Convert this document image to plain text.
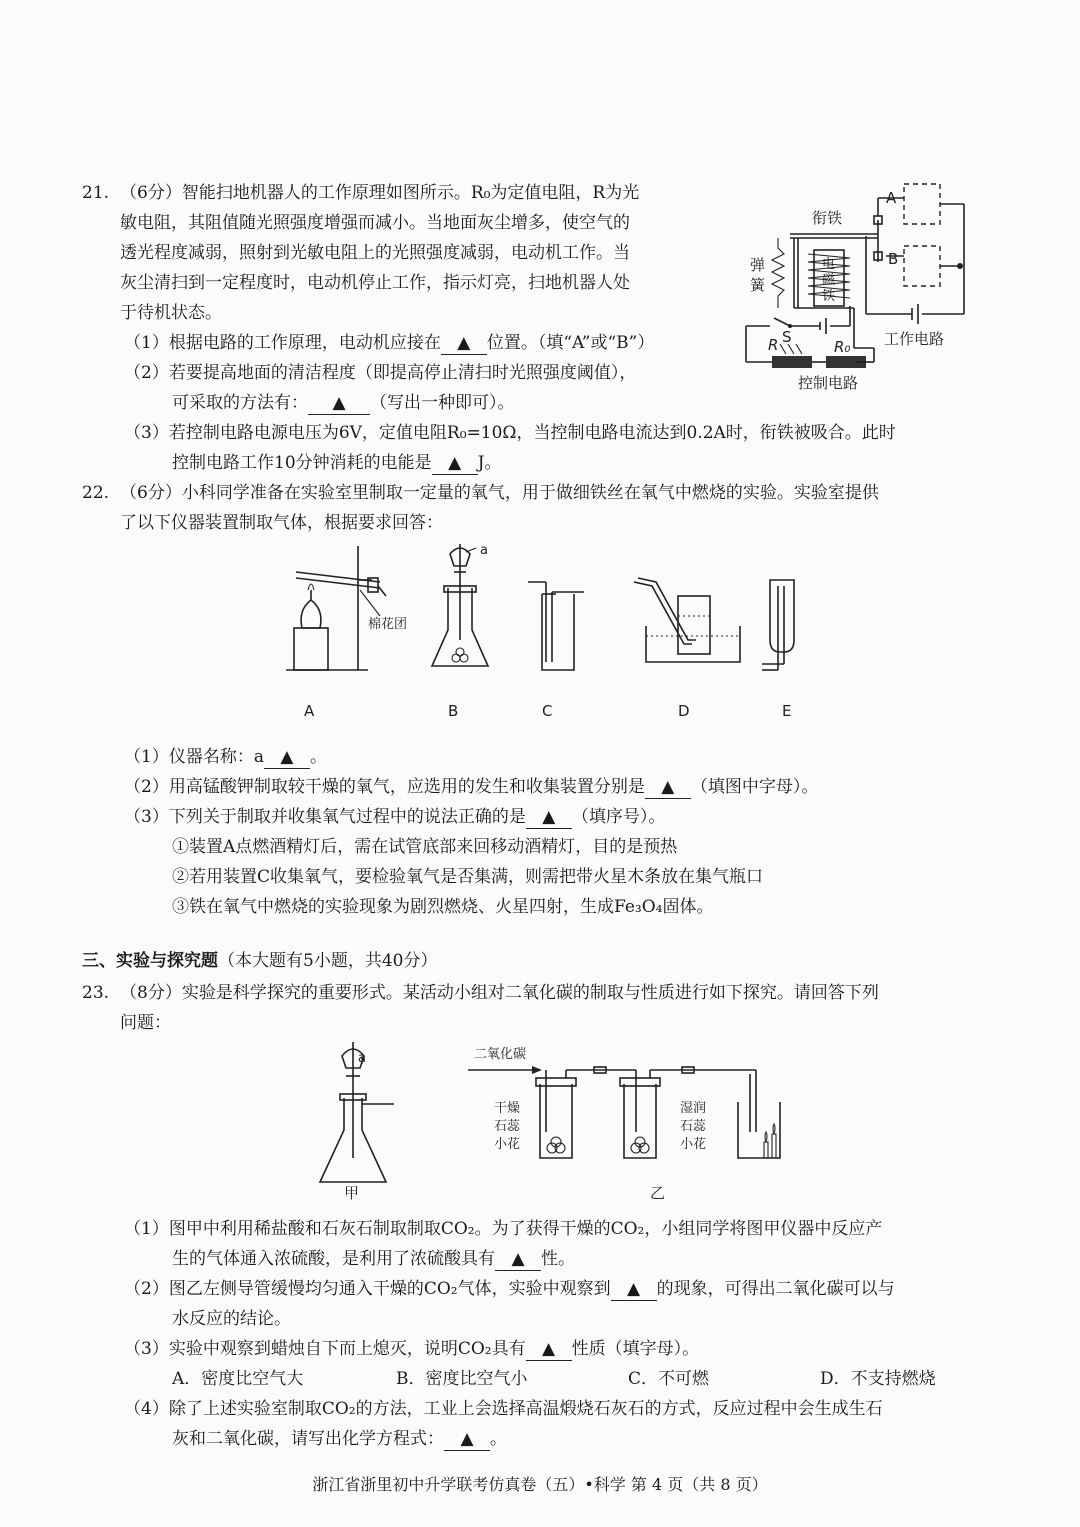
21. （6分）智能扫地机器人的工作原理如图所示。R₀为定值电阻，R为光
敏电阻，其阻值随光照强度增强而减小。当地面灰尘增多，使空气的
透光程度减弱，照射到光敏电阻上的光照强度减弱，电动机工作。当
灰尘清扫到一定程度时，电动机停止工作，指示灯亮，扫地机器人处
于待机状态。
（1）根据电路的工作原理，电动机应接在 ▲ 位置。（填“A”或“B”）
（2）若要提高地面的清洁程度（即提高停止清扫时光照强度阈值），
可采取的方法有： ▲ （写出一种即可）。
（3）若控制电路电源电压为6V，定值电阻R₀=10Ω，当控制电路电流达到0.2A时，衔铁被吸合。此时
控制电路工作10分钟消耗的电能是 ▲ J。
A
B
衔铁
工作电路
弹
簧
电
磁
铁
S
R	R₀
控制电路
22. （6分）小科同学准备在实验室里制取一定量的氧气，用于做细铁丝在氧气中燃烧的实验。实验室提供
了以下仪器装置制取气体，根据要求回答：
棉花团
a
A	B	C	D	E
（1）仪器名称：a ▲ 。
（2）用高锰酸钾制取较干燥的氧气，应选用的发生和收集装置分别是 ▲ （填图中字母）。
（3）下列关于制取并收集氧气过程中的说法正确的是 ▲ （填序号）。
①装置A点燃酒精灯后，需在试管底部来回移动酒精灯，目的是预热
②若用装置C收集氧气，要检验氧气是否集满，则需把带火星木条放在集气瓶口
③铁在氧气中燃烧的实验现象为剧烈燃烧、火星四射，生成Fe₃O₄固体。
三、实验与探究题（本大题有5小题，共40分）
23. （8分）实验是科学探究的重要形式。某活动小组对二氧化碳的制取与性质进行如下探究。请回答下列
问题：
a
甲
二氧化碳
干燥
石蕊
小花
湿润
石蕊
小花
乙
（1）图甲中利用稀盐酸和石灰石制取制取CO₂。为了获得干燥的CO₂，小组同学将图甲仪器中反应产
生的气体通入浓硫酸，是利用了浓硫酸具有 ▲ 性。
（2）图乙左侧导管缓慢均匀通入干燥的CO₂气体，实验中观察到 ▲ 的现象，可得出二氧化碳可以与
水反应的结论。
（3）实验中观察到蜡烛自下而上熄灭，说明CO₂具有 ▲ 性质（填字母）。
A．密度比空气大	B．密度比空气小	C．不可燃	D．不支持燃烧
（4）除了上述实验室制取CO₂的方法，工业上会选择高温煅烧石灰石的方式，反应过程中会生成生石
灰和二氧化碳，请写出化学方程式： ▲ 。
浙江省浙里初中升学联考仿真卷（五）•科学 第 4 页（共 8 页）
